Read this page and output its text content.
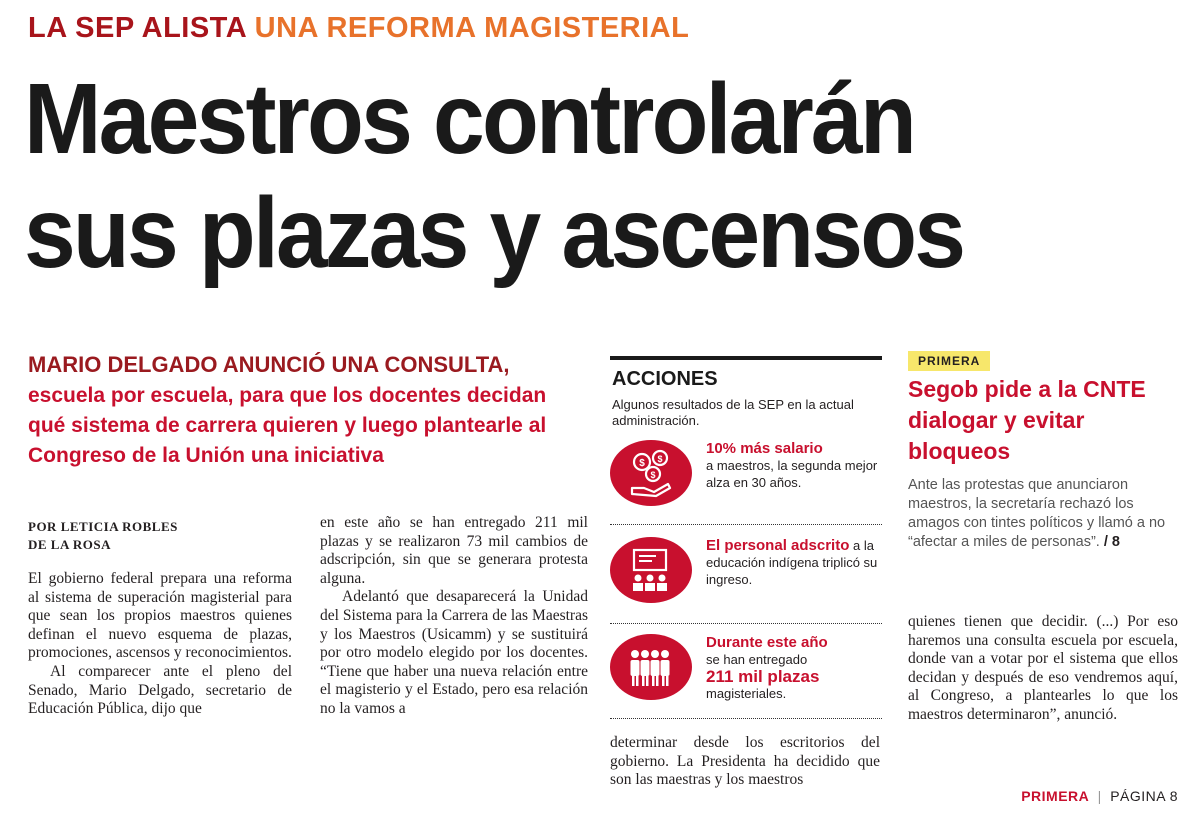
LA SEP ALISTA UNA REFORMA MAGISTERIAL
Maestros controlarán
sus plazas y ascensos
MARIO DELGADO ANUNCIÓ UNA CONSULTA, escuela por escuela, para que los docentes decidan qué sistema de carrera quieren y luego plantearle al Congreso de la Unión una iniciativa
POR LETICIA ROBLES
DE LA ROSA

El gobierno federal prepara una reforma al sistema de superación magisterial para que sean los propios maestros quienes definan el nuevo esquema de plazas, promociones, ascensos y reconocimientos.

Al comparecer ante el pleno del Senado, Mario Delgado, secretario de Educación Pública, dijo que

en este año se han entregado 211 mil plazas y se realizaron 73 mil cambios de adscripción, sin que se generara protesta alguna.

Adelantó que desaparecerá la Unidad del Sistema para la Carrera de las Maestras y los Maestros (Usicamm) y se sustituirá por otro modelo elegido por los docentes. “Tiene que haber una nueva relación entre el magisterio y el Estado, pero esa relación no la vamos a

determinar desde los escritorios del gobierno. La Presidenta ha decidido que son las maestras y los maestros

quienes tienen que decidir. (...) Por eso haremos una consulta escuela por escuela, donde van a votar por el sistema que ellos decidan y después de eso vendremos aquí, al Congreso, a plantearles lo que los maestros determinaron”, anunció.

ACCIONES
Algunos resultados de la SEP en la actual administración.
$ $
$
10% más salario
a maestros, la segunda mejor alza en 30 años.
El personal adscrito a la educación indígena triplicó su ingreso.
Durante este año
se han entregado
211 mil plazas
magisteriales.
PRIMERA
Segob pide a la CNTE dialogar y evitar bloqueos
Ante las protestas que anunciaron maestros, la secretaría rechazó los amagos con tintes políticos y llamó a no “afectar a miles de personas”. / 8
PRIMERA | PÁGINA 8
